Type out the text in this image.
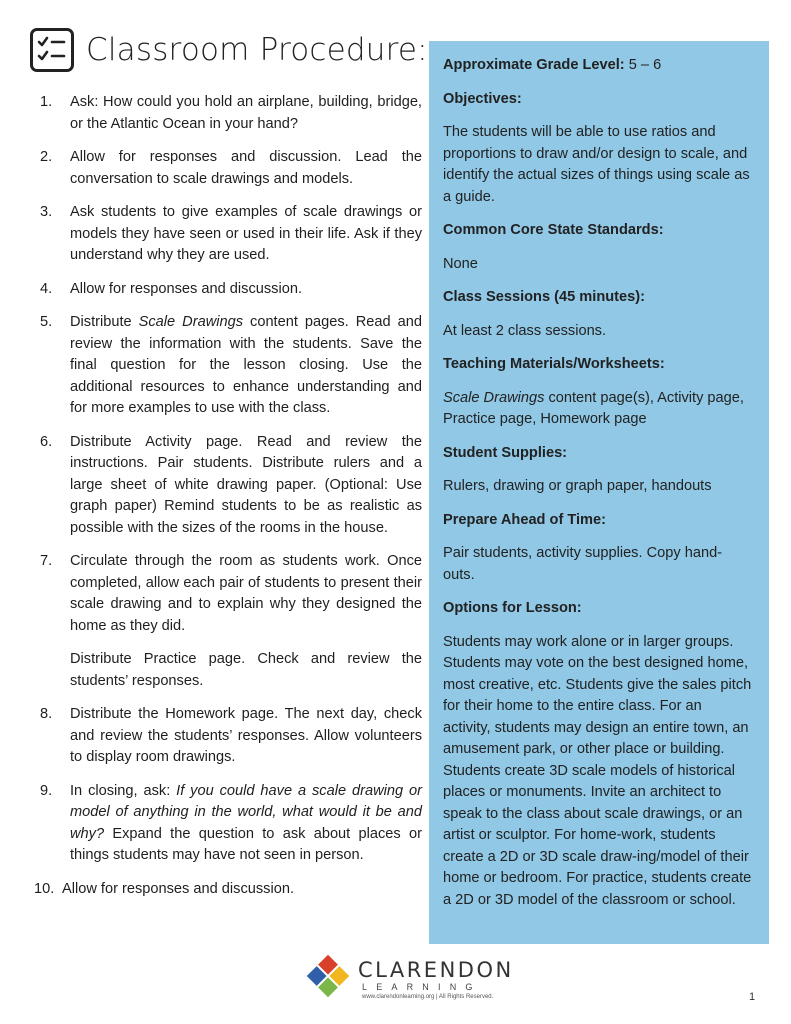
Classroom Procedure:
1.	Ask: How could you hold an airplane, building, bridge, or the Atlantic Ocean in your hand?
2.	Allow for responses and discussion. Lead the conversation to scale drawings and models.
3.	Ask students to give examples of scale drawings or models they have seen or used in their life. Ask if they understand why they are used.
4.	Allow for responses and discussion.
5.	Distribute Scale Drawings content pages. Read and review the information with the students. Save the final question for the lesson closing. Use the additional resources to enhance understanding and for more examples to use with the class.
6.	Distribute Activity page. Read and review the instructions. Pair students. Distribute rulers and a large sheet of white drawing paper. (Optional: Use graph paper) Remind students to be as realistic as possible with the sizes of the rooms in the house.
7.	Circulate through the room as students work. Once completed, allow each pair of students to present their scale drawing and to explain why they designed the home as they did.
Distribute Practice page. Check and review the students’ responses.
8.	Distribute the Homework page. The next day, check and review the students’ responses. Allow volunteers to display room drawings.
9.	In closing, ask: If you could have a scale drawing or model of anything in the world, what would it be and why? Expand the question to ask about places or things students may have not seen in person.
10. Allow for responses and discussion.
Approximate Grade Level: 5 – 6
Objectives:
The students will be able to use ratios and proportions to draw and/or design to scale, and identify the actual sizes of things using scale as a guide.
Common Core State Standards:
None
Class Sessions (45 minutes):
At least 2 class sessions.
Teaching Materials/Worksheets:
Scale Drawings content page(s), Activity page, Practice page, Homework page
Student Supplies:
Rulers, drawing or graph paper, handouts
Prepare Ahead of Time:
Pair students, activity supplies. Copy hand-outs.
Options for Lesson:
Students may work alone or in larger groups. Students may vote on the best designed home, most creative, etc. Students give the sales pitch for their home to the entire class. For an activity, students may design an entire town, an amusement park, or other place or building. Students create 3D scale models of historical places or monuments. Invite an architect to speak to the class about scale drawings, or an artist or sculptor. For home-work, students create a 2D or 3D scale draw-ing/model of their home or bedroom. For practice, students create a 2D or 3D model of the classroom or school.
CLARENDON
LEARNING
www.clarendonlearning.org | All Rights Reserved.	1
